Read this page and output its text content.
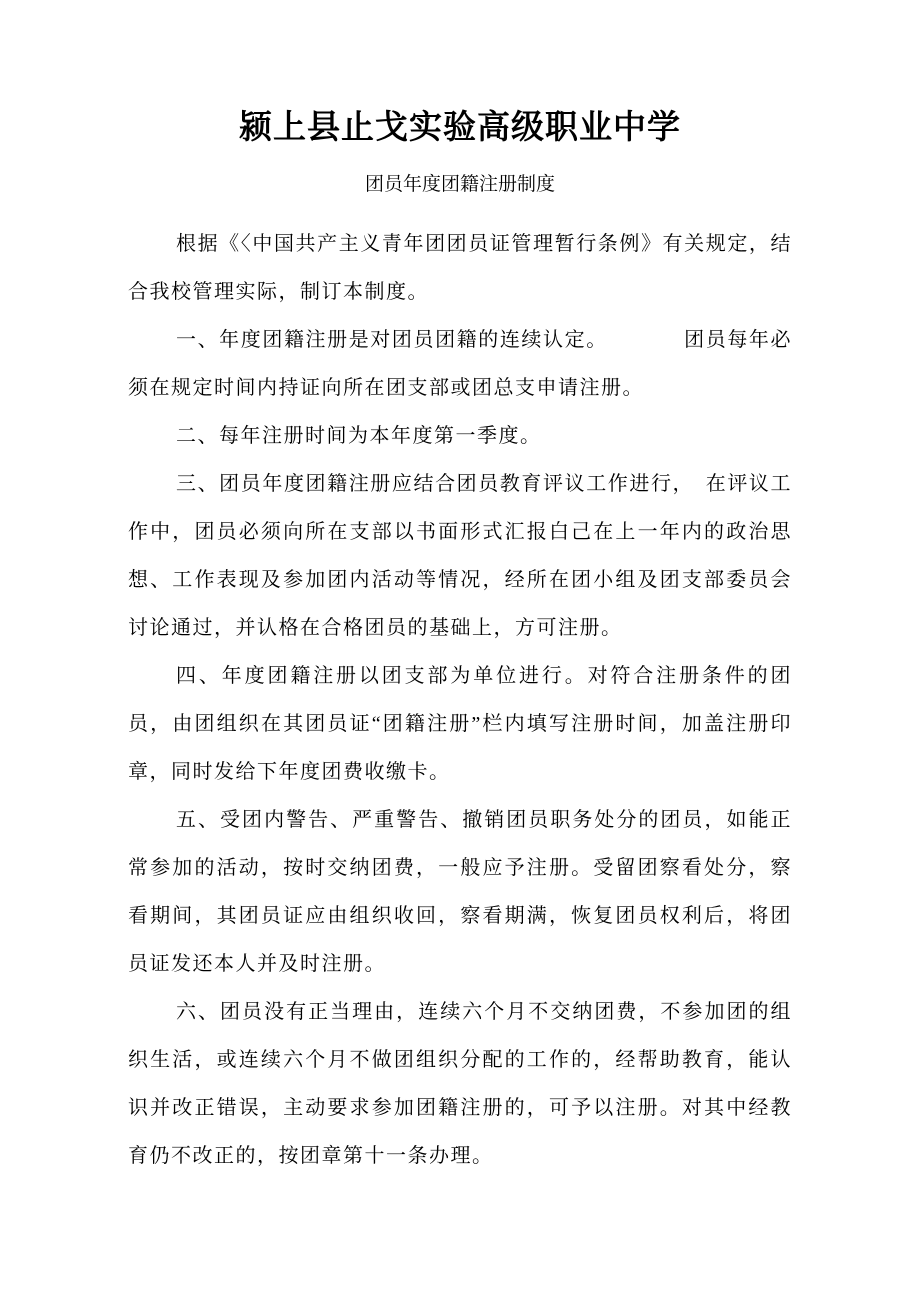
颍上县止戈实验高级职业中学
团员年度团籍注册制度

根据《〈中国共产主义青年团团员证管理暂行条例》有关规定，结合我校管理实际，制订本制度。

一、年度团籍注册是对团员团籍的连续认定。　　　　团员每年必须在规定时间内持证向所在团支部或团总支申请注册。

二、每年注册时间为本年度第一季度。

三、团员年度团籍注册应结合团员教育评议工作进行，　在评议工作中，团员必须向所在支部以书面形式汇报白己在上一年内的政治思想、工作表现及参加团内活动等情况，经所在团小组及团支部委员会讨论通过，并认格在合格团员的基础上，方可注册。

四、年度团籍注册以团支部为单位进行。对符合注册条件的团员，由团组织在其团员证“团籍注册”栏内填写注册时间，加盖注册印章，同时发给下年度团费收缴卡。

五、受团内警告、严重警告、撤销团员职务处分的团员，如能正常参加的活动，按时交纳团费，一般应予注册。受留团察看处分，察看期间，其团员证应由组织收回，察看期满，恢复团员权利后，将团员证发还本人并及时注册。

六、团员没有正当理由，连续六个月不交纳团费，不参加团的组织生活，或连续六个月不做团组织分配的工作的，经帮助教育，能认识并改正错误，主动要求参加团籍注册的，可予以注册。对其中经教育仍不改正的，按团章第十一条办理。
